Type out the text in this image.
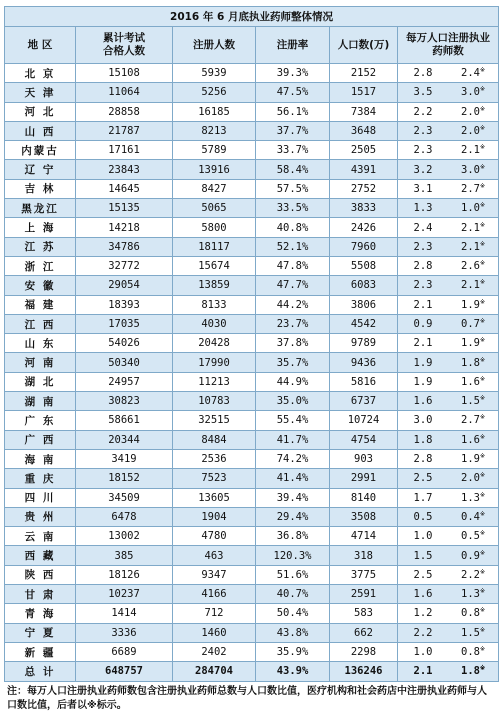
2016 年 6 月底执业药师整体情况					
地 区	累计考试
合格人数	注册人数	注册率	人口数(万)	每万人口注册执业
药师数
北 京	15108	5939	39.3%	2152	2.8 2.4※

天 津	11064	5256	47.5%	1517	3.5 3.0※

河 北	28858	16185	56.1%	7384	2.2 2.0※

山 西	21787	8213	37.7%	3648	2.3 2.0※

内蒙古	17161	5789	33.7%	2505	2.3 2.1※

辽 宁	23843	13916	58.4%	4391	3.2 3.0※

吉 林	14645	8427	57.5%	2752	3.1 2.7※

黑龙江	15135	5065	33.5%	3833	1.3 1.0※

上 海	14218	5800	40.8%	2426	2.4 2.1※

江 苏	34786	18117	52.1%	7960	2.3 2.1※

浙 江	32772	15674	47.8%	5508	2.8 2.6※

安 徽	29054	13859	47.7%	6083	2.3 2.1※

福 建	18393	8133	44.2%	3806	2.1 1.9※

江 西	17035	4030	23.7%	4542	0.9 0.7※

山 东	54026	20428	37.8%	9789	2.1 1.9※

河 南	50340	17990	35.7%	9436	1.9 1.8※

湖 北	24957	11213	44.9%	5816	1.9 1.6※

湖 南	30823	10783	35.0%	6737	1.6 1.5※

广 东	58661	32515	55.4%	10724	3.0 2.7※

广 西	20344	8484	41.7%	4754	1.8 1.6※

海 南	3419	2536	74.2%	903	2.8 1.9※

重 庆	18152	7523	41.4%	2991	2.5 2.0※

四 川	34509	13605	39.4%	8140	1.7 1.3※

贵 州	6478	1904	29.4%	3508	0.5 0.4※

云 南	13002	4780	36.8%	4714	1.0 0.5※

西 藏	385	463	120.3%	318	1.5 0.9※

陕 西	18126	9347	51.6%	3775	2.5 2.2※

甘 肃	10237	4166	40.7%	2591	1.6 1.3※

青 海	1414	712	50.4%	583	1.2 0.8※

宁 夏	3336	1460	43.8%	662	2.2 1.5※

新 疆	6689	2402	35.9%	2298	1.0 0.8※

总 计	648757	284704	43.9%	136246	2.1 1.8※
注：每万人口注册执业药师数包含注册执业药师总数与人口数比值，医疗机构和社会药店中注册执业药师与人口数比值，后者以※标示。
